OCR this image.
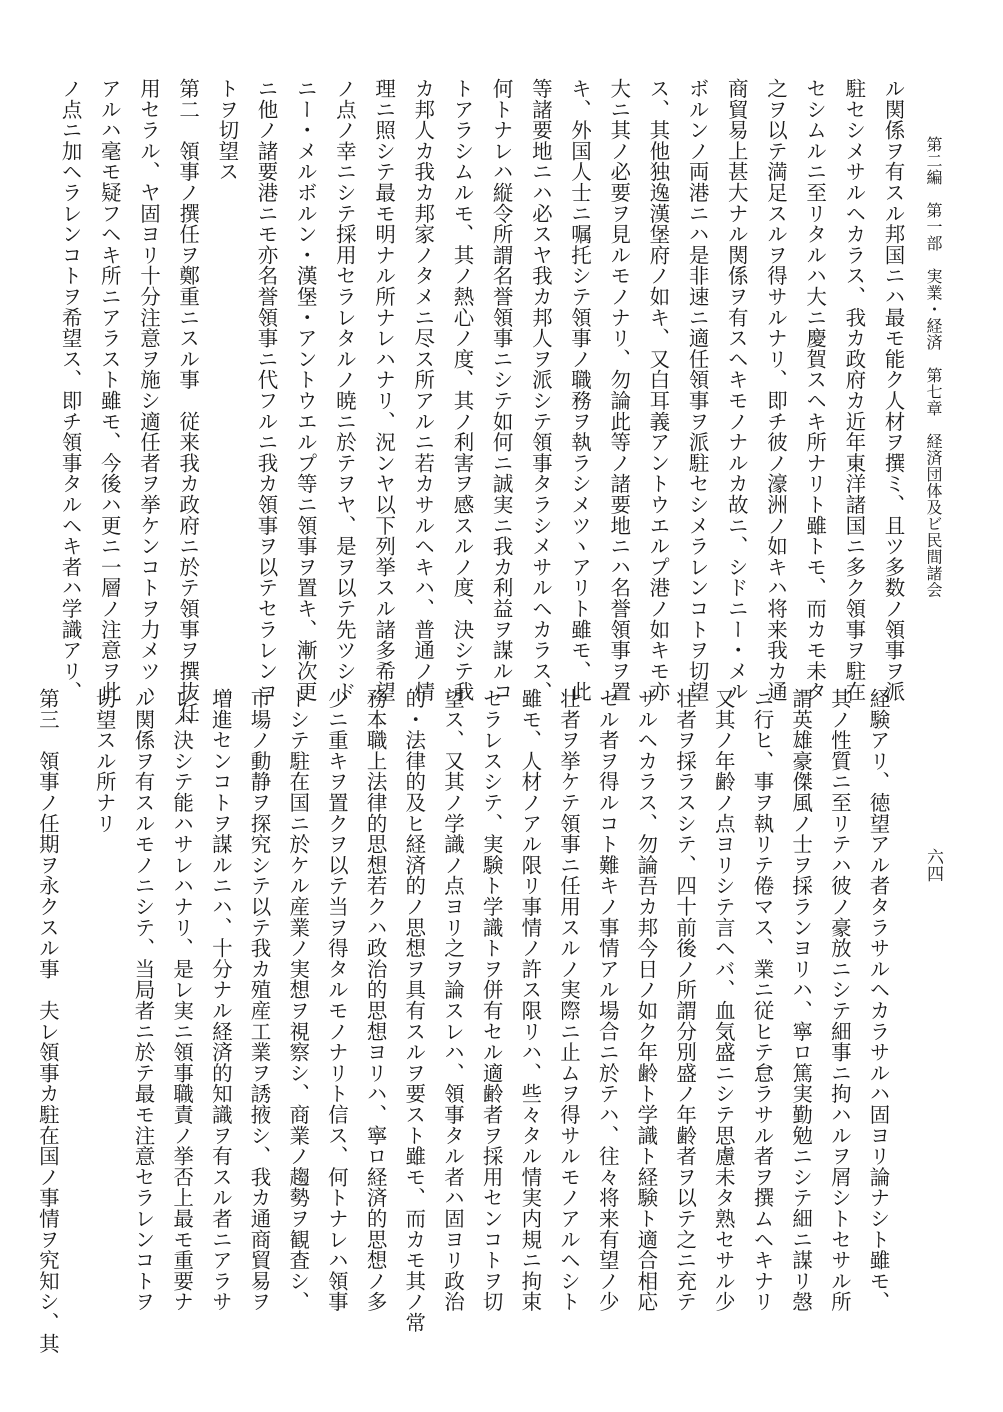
第二編　第一部　実業・経済　第七章　経済団体及ビ民間諸会
六四
ル関係ヲ有スル邦国ニハ最モ能ク人材ヲ撰ミ、且ツ多数ノ領事ヲ派
駐セシメサルヘカラス、我カ政府カ近年東洋諸国ニ多ク領事ヲ駐在
セシムルニ至リタルハ大ニ慶賀スヘキ所ナリト雖トモ、而カモ未タ
之ヲ以テ満足スルヲ得サルナリ、即チ彼ノ濠洲ノ如キハ将来我カ通
商貿易上甚大ナル関係ヲ有スヘキモノナルカ故ニ、シドニー・メル
ボルンノ両港ニハ是非速ニ適任領事ヲ派駐セシメラレンコトヲ切望
ス、其他独逸漢堡府ノ如キ、又白耳義アントウエルプ港ノ如キモ亦
大ニ其ノ必要ヲ見ルモノナリ、勿論此等ノ諸要地ニハ名誉領事ヲ置
キ、外国人士ニ嘱托シテ領事ノ職務ヲ執ラシメツヽアリト雖モ、此
等諸要地ニハ必スヤ我カ邦人ヲ派シテ領事タラシメサルヘカラス、
何トナレハ縦令所謂名誉領事ニシテ如何ニ誠実ニ我カ利益ヲ謀ルコ
トアラシムルモ、其ノ熱心ノ度、其ノ利害ヲ感スルノ度、決シテ我
カ邦人カ我カ邦家ノタメニ尽ス所アルニ若カサルヘキハ、普通ノ情
理ニ照シテ最モ明ナル所ナレハナリ、況ンヤ以下列挙スル諸多希望
ノ点ノ幸ニシテ採用セラレタルノ暁ニ於テヲヤ、是ヲ以テ先ツシド
ニー・メルボルン・漢堡・アントウエルプ等ニ領事ヲ置キ、漸次更
ニ他ノ諸要港ニモ亦名誉領事ニ代フルニ我カ領事ヲ以テセラレンコ
トヲ切望ス
第二　領事ノ撰任ヲ鄭重ニスル事　従来我カ政府ニ於テ領事ヲ撰抜任
用セラル、ヤ固ヨリ十分注意ヲ施シ適任者ヲ挙ケンコトヲ力メツヽ
アルハ毫モ疑フヘキ所ニアラスト雖モ、今後ハ更ニ一層ノ注意ヲ此
ノ点ニ加ヘラレンコトヲ希望ス、即チ領事タルヘキ者ハ学識アリ、
経験アリ、徳望アル者タラサルヘカラサルハ固ヨリ論ナシト雖モ、
其ノ性質ニ至リテハ彼ノ豪放ニシテ細事ニ拘ハルヲ屑シトセサル所
謂英雄豪傑風ノ士ヲ採ランヨリハ、寧ロ篤実勤勉ニシテ細ニ謀リ愨
ニ行ヒ、事ヲ執リテ倦マス、業ニ従ヒテ怠ラサル者ヲ撰ムヘキナリ
又其ノ年齢ノ点ヨリシテ言ヘバ、血気盛ニシテ思慮未タ熟セサル少
壮者ヲ採ラスシテ、四十前後ノ所謂分別盛ノ年齢者ヲ以テ之ニ充テ
サルヘカラス、勿論吾カ邦今日ノ如ク年齢ト学識ト経験ト適合相応
セル者ヲ得ルコト難キノ事情アル場合ニ於テハ、往々将来有望ノ少
壮者ヲ挙ケテ領事ニ任用スルノ実際ニ止ムヲ得サルモノアルヘシト
雖モ、人材ノアル限リ事情ノ許ス限リハ、些々タル情実内規ニ拘束
セラレスシテ、実験ト学識トヲ併有セル適齢者ヲ採用センコトヲ切
望ス、又其ノ学識ノ点ヨリ之ヲ論スレハ、領事タル者ハ固ヨリ政治
的・法律的及ヒ経済的ノ思想ヲ具有スルヲ要スト雖モ、而カモ其ノ常
務本職上法律的思想若クハ政治的思想ヨリハ、寧ロ経済的思想ノ多
少ニ重キヲ置クヲ以テ当ヲ得タルモノナリト信ス、何トナレハ領事
トシテ駐在国ニ於ケル産業ノ実想ヲ視察シ、商業ノ趨勢ヲ観査シ、
市場ノ動静ヲ探究シテ以テ我カ殖産工業ヲ誘掖シ、我カ通商貿易ヲ
増進センコトヲ謀ルニハ、十分ナル経済的知識ヲ有スル者ニアラサ
レハ決シテ能ハサレハナリ、是レ実ニ領事職責ノ挙否上最モ重要ナ
ル関係ヲ有スルモノニシテ、当局者ニ於テ最モ注意セラレンコトヲ
切望スル所ナリ
第三　領事ノ任期ヲ永クスル事　夫レ領事カ駐在国ノ事情ヲ究知シ、其
